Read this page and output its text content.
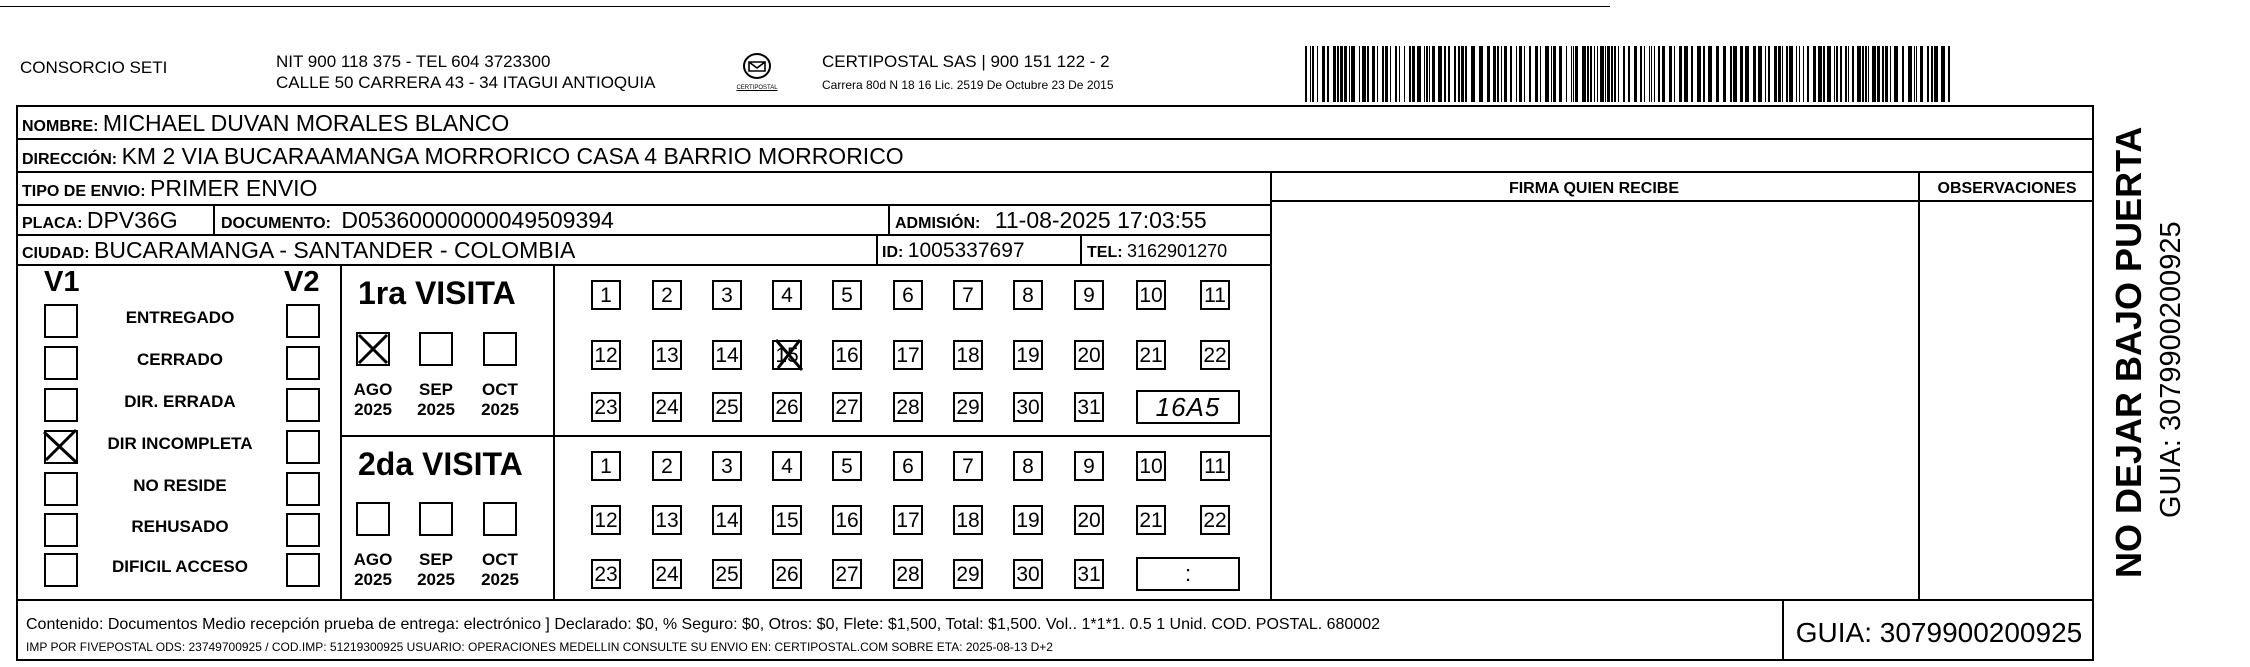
CONSORCIO SETI	NIT 900 118 375 - TEL 604 3723300
CALLE 50 CARRERA 43 - 34 ITAGUI ANTIOQUIA	CERTIPOSTAL
CERTIPOSTAL SAS | 900 151 122 - 2
Carrera 80d N 18 16 Lic. 2519 De Octubre 23 De 2015
NOMBRE: MICHAEL DUVAN MORALES BLANCO
DIRECCIÓN: KM 2 VIA BUCARAAMANGA MORRORICO CASA 4 BARRIO MORRORICO
TIPO DE ENVIO: PRIMER ENVIO	FIRMA QUIEN RECIBE	OBSERVACIONES
PLACA: DPV36G	DOCUMENTO: D05360000000049509394	ADMISIÓN: 11-08-2025 17:03:55
CIUDAD: BUCARAMANGA - SANTANDER - COLOMBIA	ID: 1005337697	TEL: 3162901270
V1	V2
ENTREGADO
CERRADO
DIR. ERRADA
DIR INCOMPLETA
NO RESIDE
REHUSADO
DIFICIL ACCESO
1ra VISITA
2da VISITA
AGO
2025
SEP
2025
OCT
2025
AGO
2025
SEP
2025
OCT
2025
1	2	3	4	5	6	7	8	9	10 11
12 13 14 15 16 17 18 19 20 21 22
23 24 25 26 27 28 29 30 31	16A5
1	2	3	4	5	6	7	8	9	10 11
12 13 14 15 16 17 18 19 20 21 22
23 24 25 26 27 28 29 30 31	:
Contenido: Documentos Medio recepción prueba de entrega: electrónico ] Declarado: $0, % Seguro: $0, Otros: $0, Flete: $1,500, Total: $1,500. Vol.. 1*1*1. 0.5 1 Unid. COD. POSTAL. 680002
IMP POR FIVEPOSTAL ODS: 23749700925 / COD.IMP: 51219300925 USUARIO: OPERACIONES MEDELLIN CONSULTE SU ENVIO EN: CERTIPOSTAL.COM SOBRE ETA: 2025-08-13 D+2	GUIA: 3079900200925
NO DEJAR BAJO PUERTA GUIA: 3079900200925
